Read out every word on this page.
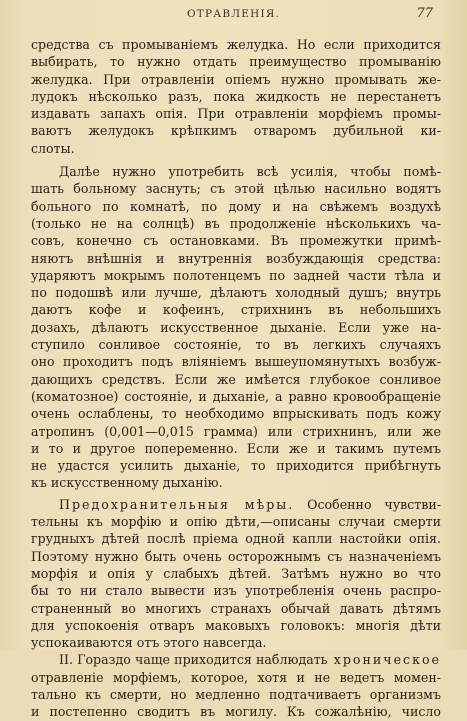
ОТРАВЛЕНІЯ.	77
средства съ промываніемъ желудка. Но если приходится
выбирать, то нужно отдать преимущество промыванію
желудка. При отравленіи опіемъ нужно промывать же-
лудокъ нѣсколько разъ, пока жидкость не перестанетъ
издавать запахъ опія. При отравленіи морфіемъ промы-
ваютъ желудокъ крѣпкимъ отваромъ дубильной ки-
слоты.
Далѣе нужно употребить всѣ усилія, чтобы помѣ-
шать больному заснуть; съ этой цѣлью насильно водятъ
больного по комнатѣ, по дому и на свѣжемъ воздухѣ
(только не на солнцѣ) въ продолженіе нѣсколькихъ ча-
совъ, конечно съ остановками. Въ промежутки примѣ-
няютъ внѣшнія и внутреннія возбуждающія средства:
ударяютъ мокрымъ полотенцемъ по задней части тѣла и
по подошвѣ или лучше, дѣлаютъ холодный душъ; внутрь
даютъ кофе и кофеинъ, стрихнинъ въ небольшихъ
дозахъ, дѣлаютъ искусственное дыханіе. Если уже на-
ступило сонливое состояніе, то въ легкихъ случаяхъ
оно проходитъ подъ вліяніемъ вышеупомянутыхъ возбуж-
дающихъ средствъ. Если же имѣется глубокое сонливое
(коматозное) состояніе, и дыханіе, а равно кровообращеніе
очень ослаблены, то необходимо впрыскивать подъ кожу
атропинъ (0,001—0,015 грамма) или стрихнинъ, или же
и то и другое попеременно. Если же и такимъ путемъ
не удастся усилить дыханіе, то приходится прибѣгнуть
къ искусственному дыханію.
Предохранительныя мѣры. Особенно чувстви-
тельны къ морфію и опію дѣти,—описаны случаи смерти
грудныхъ дѣтей послѣ пріема одной капли настойки опія.
Поэтому нужно быть очень осторожнымъ съ назначеніемъ
морфія и опія у слабыхъ дѣтей. Затѣмъ нужно во что
бы то ни стало вывести изъ употребленія очень распро-
страненный во многихъ странахъ обычай давать дѣтямъ
для успокоенія отваръ маковыхъ головокъ: многія дѣти
успокаиваются отъ этого навсегда.
II. Гораздо чаще приходится наблюдать хроническое
отравленіе морфіемъ, которое, хотя и не ведетъ момен-
тально къ смерти, но медленно подтачиваетъ организмъ
и постепенно сводитъ въ могилу. Къ сожалѣнію, число
